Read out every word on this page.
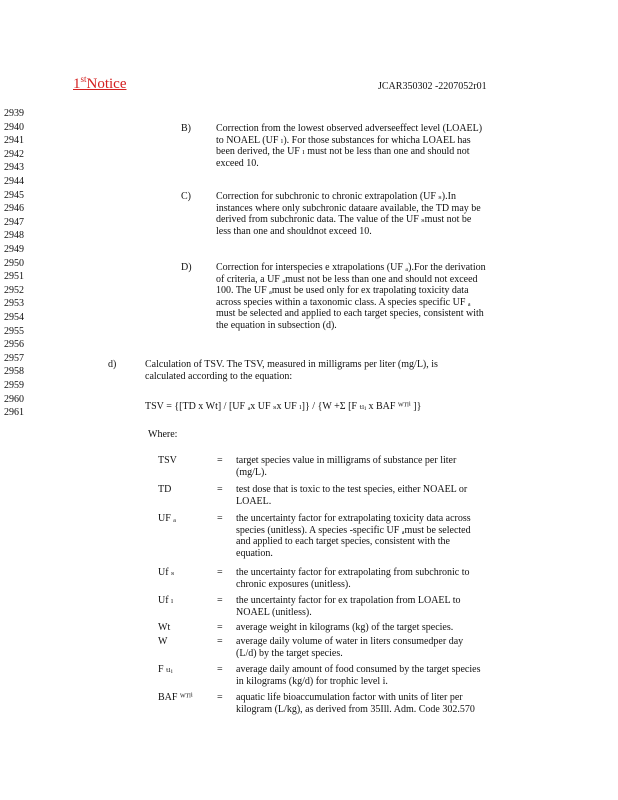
1stNotice	JCAR350302 -2207052r01
2939
2940
2941
2942
2943
2944
2945
2946
2947
2948
2949
2950
2951
2952
2953
2954
2955
2956
2957
2958
2959
2960
2961
B)	Correction from the lowest observed adverseeffect level (LOAEL)
to NOAEL (UF ₗ). For those substances for whicha LOAEL has
been derived, the UF ₗ must not be less than one and should not
exceed 10.
C)	Correction for subchronic to chronic extrapolation (UF ₛ).In
instances where only subchronic dataare available, the TD may be
derived from subchronic data. The value of the UF ₛmust not be
less than one and shouldnot exceed 10.
D) Correction for interspecies e xtrapolations (UF ₐ).For the derivation
of criteria, a UF ₐmust not be less than one and should not exceed
100. The UF ₐmust be used only for ex trapolating toxicity data
across species within a taxonomic class. A species specific UF ₐ
must be selected and applied to each target species, consistent with
the equation in subsection (d).
d)	Calculation of TSV. The TSV, measured in milligrams per liter (mg/L), is
calculated according to the equation:
TSV = {[TD x Wt] / [UF ₐx UF ₛx UF ₗ]} / {W +Σ [F ₜₗᵢ x BAF ᵂᵀˡⁱ ]}
Where:
TSV	= target species value in milligrams of substance per liter
(mg/L).
TD	= test dose that is toxic to the test species, either NOAEL or
LOAEL.
UF ₐ	= the uncertainty factor for extrapolating toxicity data across
species (unitless). A species -specific UF ₐmust be selected
and applied to each target species, consistent with the
equation.
Uf ₛ	= the uncertainty factor for extrapolating from subchronic to
chronic exposures (unitless).
Uf ₗ	= the uncertainty factor for ex trapolation from LOAEL to
NOAEL (unitless).
Wt	= average weight in kilograms (kg) of the target species.
W	= average daily volume of water in liters consumedper day
(L/d) by the target species.
F ₜₗᵢ	= average daily amount of food consumed by the target species
in kilograms (kg/d) for trophic level i.
BAF ᵂᵀˡⁱ = aquatic life bioaccumulation factor with units of liter per
kilogram (L/kg), as derived from 35Ill. Adm. Code 302.570
